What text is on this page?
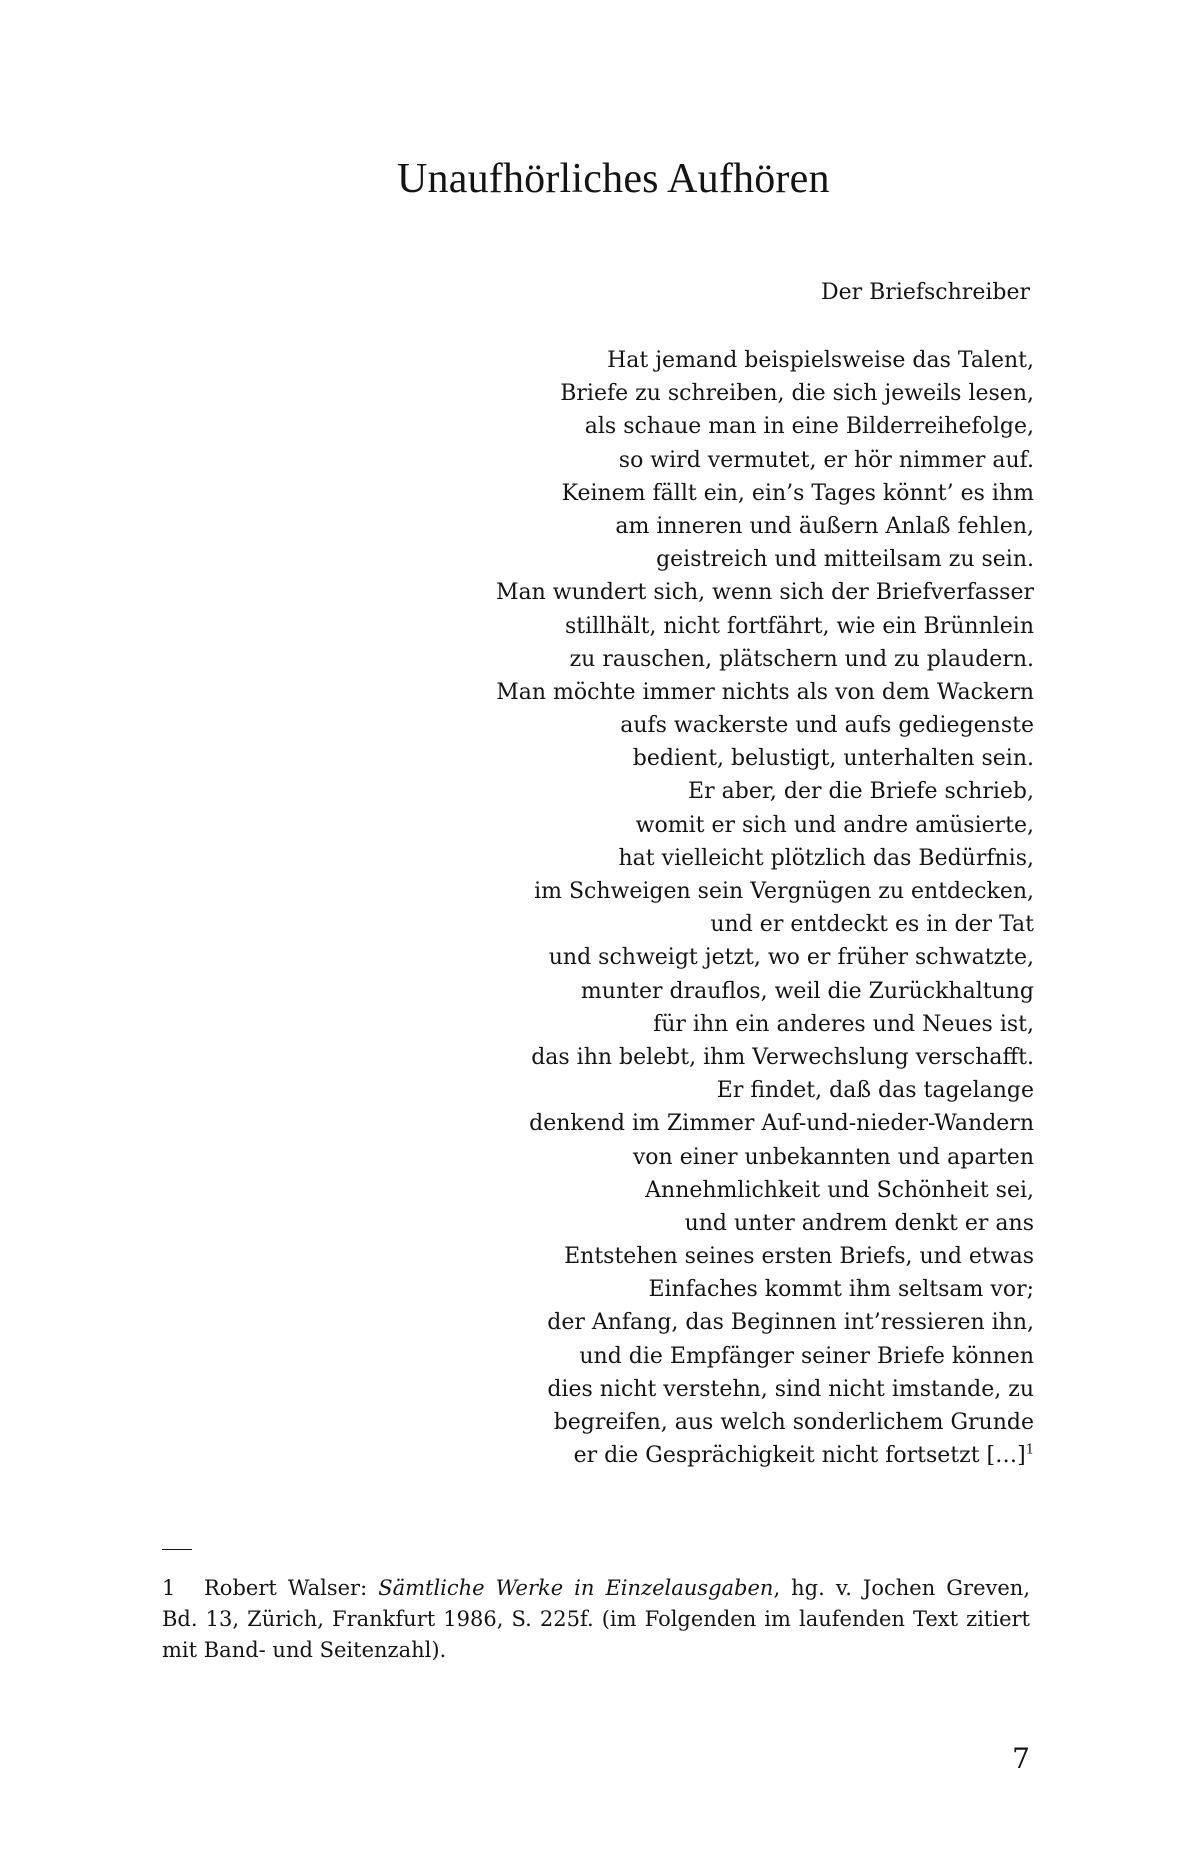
Unaufhörliches Aufhören

Der Briefschreiber

Hat jemand beispielsweise das Talent,
Briefe zu schreiben, die sich jeweils lesen,
als schaue man in eine Bilderreihefolge,
so wird vermutet, er hör nimmer auf.
Keinem fällt ein, ein’s Tages könnt’ es ihm
am inneren und äußern Anlaß fehlen,
geistreich und mitteilsam zu sein.
Man wundert sich, wenn sich der Briefverfasser
stillhält, nicht fortfährt, wie ein Brünnlein
zu rauschen, plätschern und zu plaudern.
Man möchte immer nichts als von dem Wackern
aufs wackerste und aufs gediegenste
bedient, belustigt, unterhalten sein.
Er aber, der die Briefe schrieb,
womit er sich und andre amüsierte,
hat vielleicht plötzlich das Bedürfnis,
im Schweigen sein Vergnügen zu entdecken,
und er entdeckt es in der Tat
und schweigt jetzt, wo er früher schwatzte,
munter drauflos, weil die Zurückhaltung
für ihn ein anderes und Neues ist,
das ihn belebt, ihm Verwechslung verschafft.
Er findet, daß das tagelange
denkend im Zimmer Auf-und-nieder-Wandern
von einer unbekannten und aparten
Annehmlichkeit und Schönheit sei,
und unter andrem denkt er ans
Entstehen seines ersten Briefs, und etwas
Einfaches kommt ihm seltsam vor;
der Anfang, das Beginnen int’ressieren ihn,
und die Empfänger seiner Briefe können
dies nicht verstehn, sind nicht imstande, zu
begreifen, aus welch sonderlichem Grunde
er die Gesprächigkeit nicht fortsetzt […]$^1$

1 Robert Walser: Sämtliche Werke in Einzelausgaben, hg. v. Jochen Greven, Bd. 13, Zürich, Frankfurt 1986, S. 225f. (im Folgenden im laufenden Text zitiert mit Band- und Seitenzahl).

7
